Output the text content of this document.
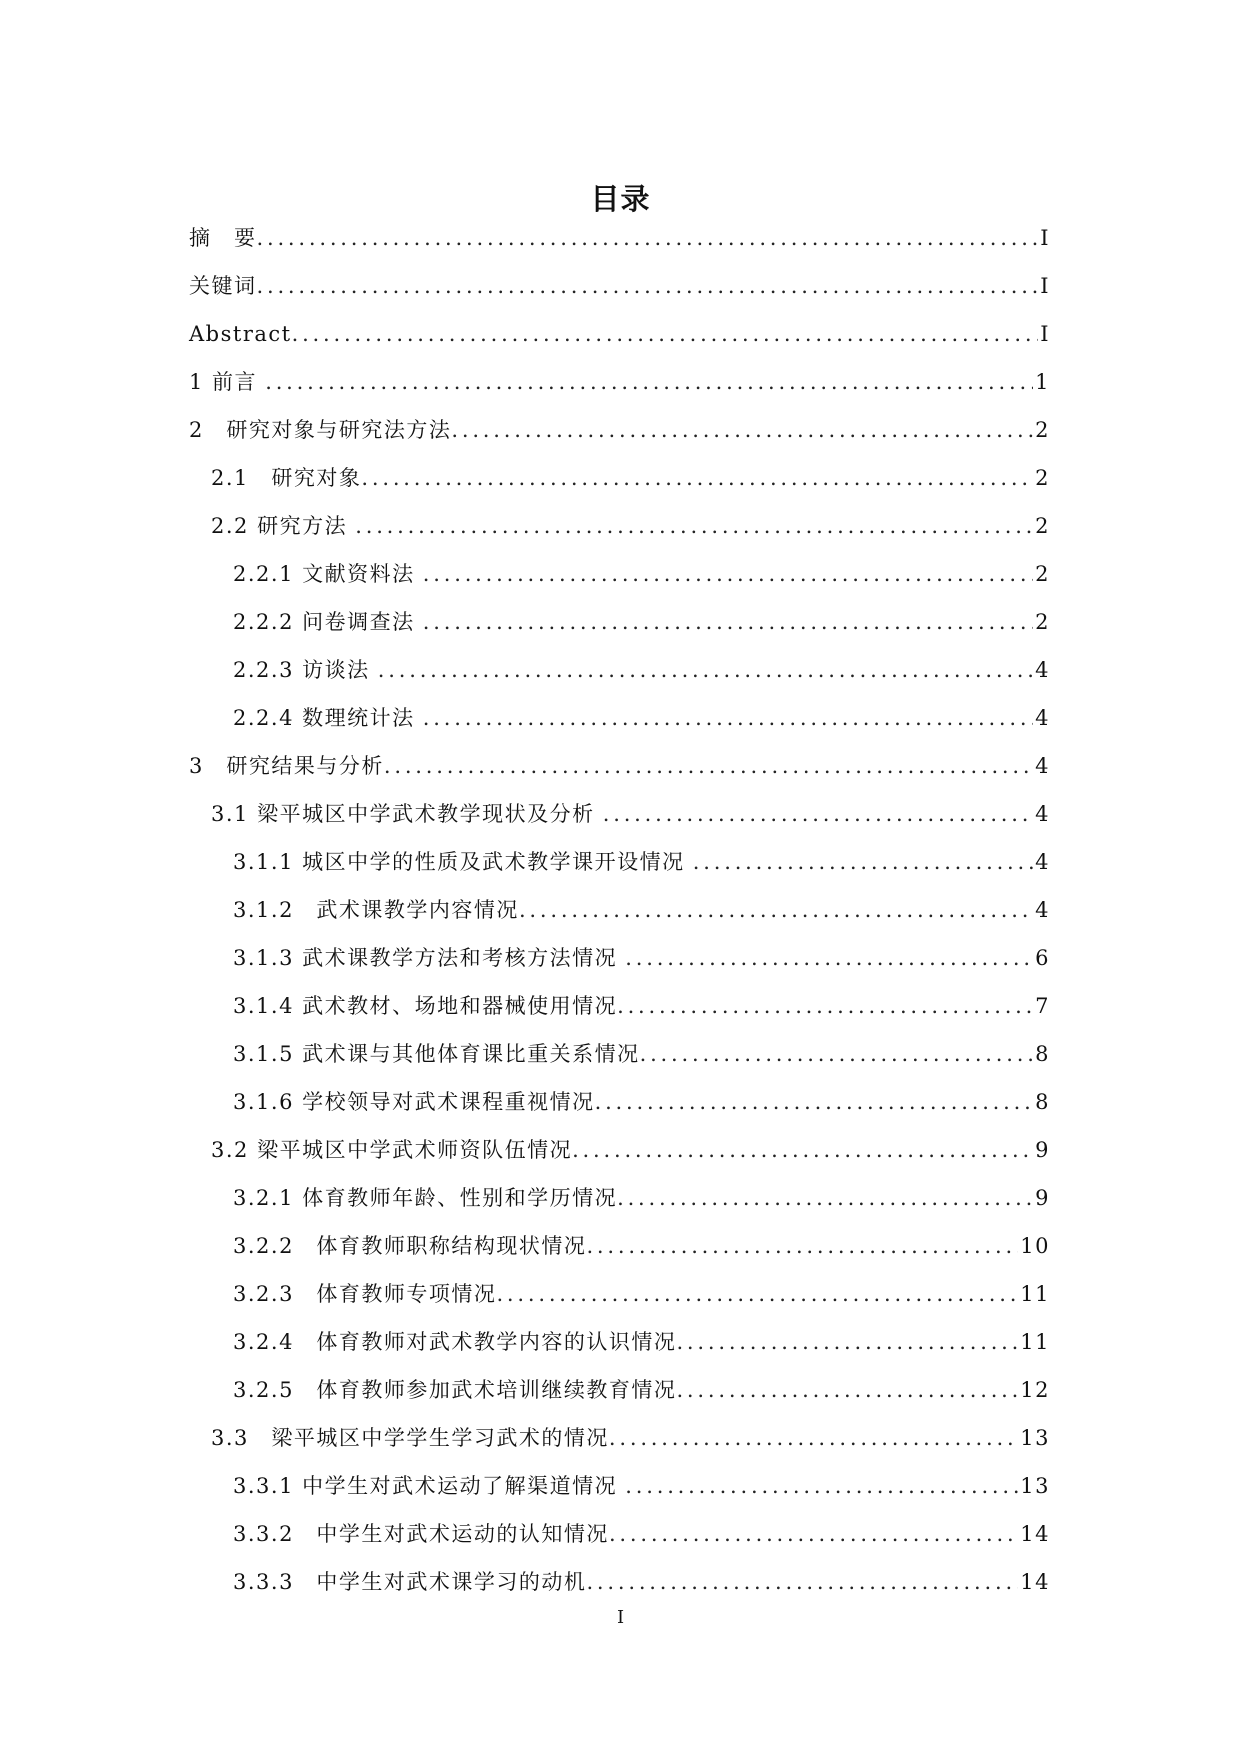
目录
摘　要 .....	I
关键词 .....	I
Abstract .....	I
1 前言 .....	1
2　研究对象与研究法方法 .....	2
2.1　研究对象 .....	2
2.2 研究方法 .....	2
2.2.1 文献资料法 .....	2
2.2.2 问卷调查法 .....	2
2.2.3 访谈法 .....	4
2.2.4 数理统计法 .....	4
3　研究结果与分析 .....	4
3.1 梁平城区中学武术教学现状及分析 .....	4
3.1.1 城区中学的性质及武术教学课开设情况 .....	4
3.1.2　武术课教学内容情况 .....	4
3.1.3 武术课教学方法和考核方法情况 .....	6
3.1.4 武术教材、场地和器械使用情况 .....	7
3.1.5 武术课与其他体育课比重关系情况 .....	8
3.1.6 学校领导对武术课程重视情况 .....	8
3.2 梁平城区中学武术师资队伍情况 .....	9
3.2.1 体育教师年龄、性别和学历情况 .....	9
3.2.2　体育教师职称结构现状情况 .....	10
3.2.3　体育教师专项情况 .....	11
3.2.4　体育教师对武术教学内容的认识情况 .....	11
3.2.5　体育教师参加武术培训继续教育情况 .....	12
3.3　梁平城区中学学生学习武术的情况 .....	13
3.3.1 中学生对武术运动了解渠道情况 .....	13
3.3.2　中学生对武术运动的认知情况 .....	14
3.3.3　中学生对武术课学习的动机 .....	14
I
